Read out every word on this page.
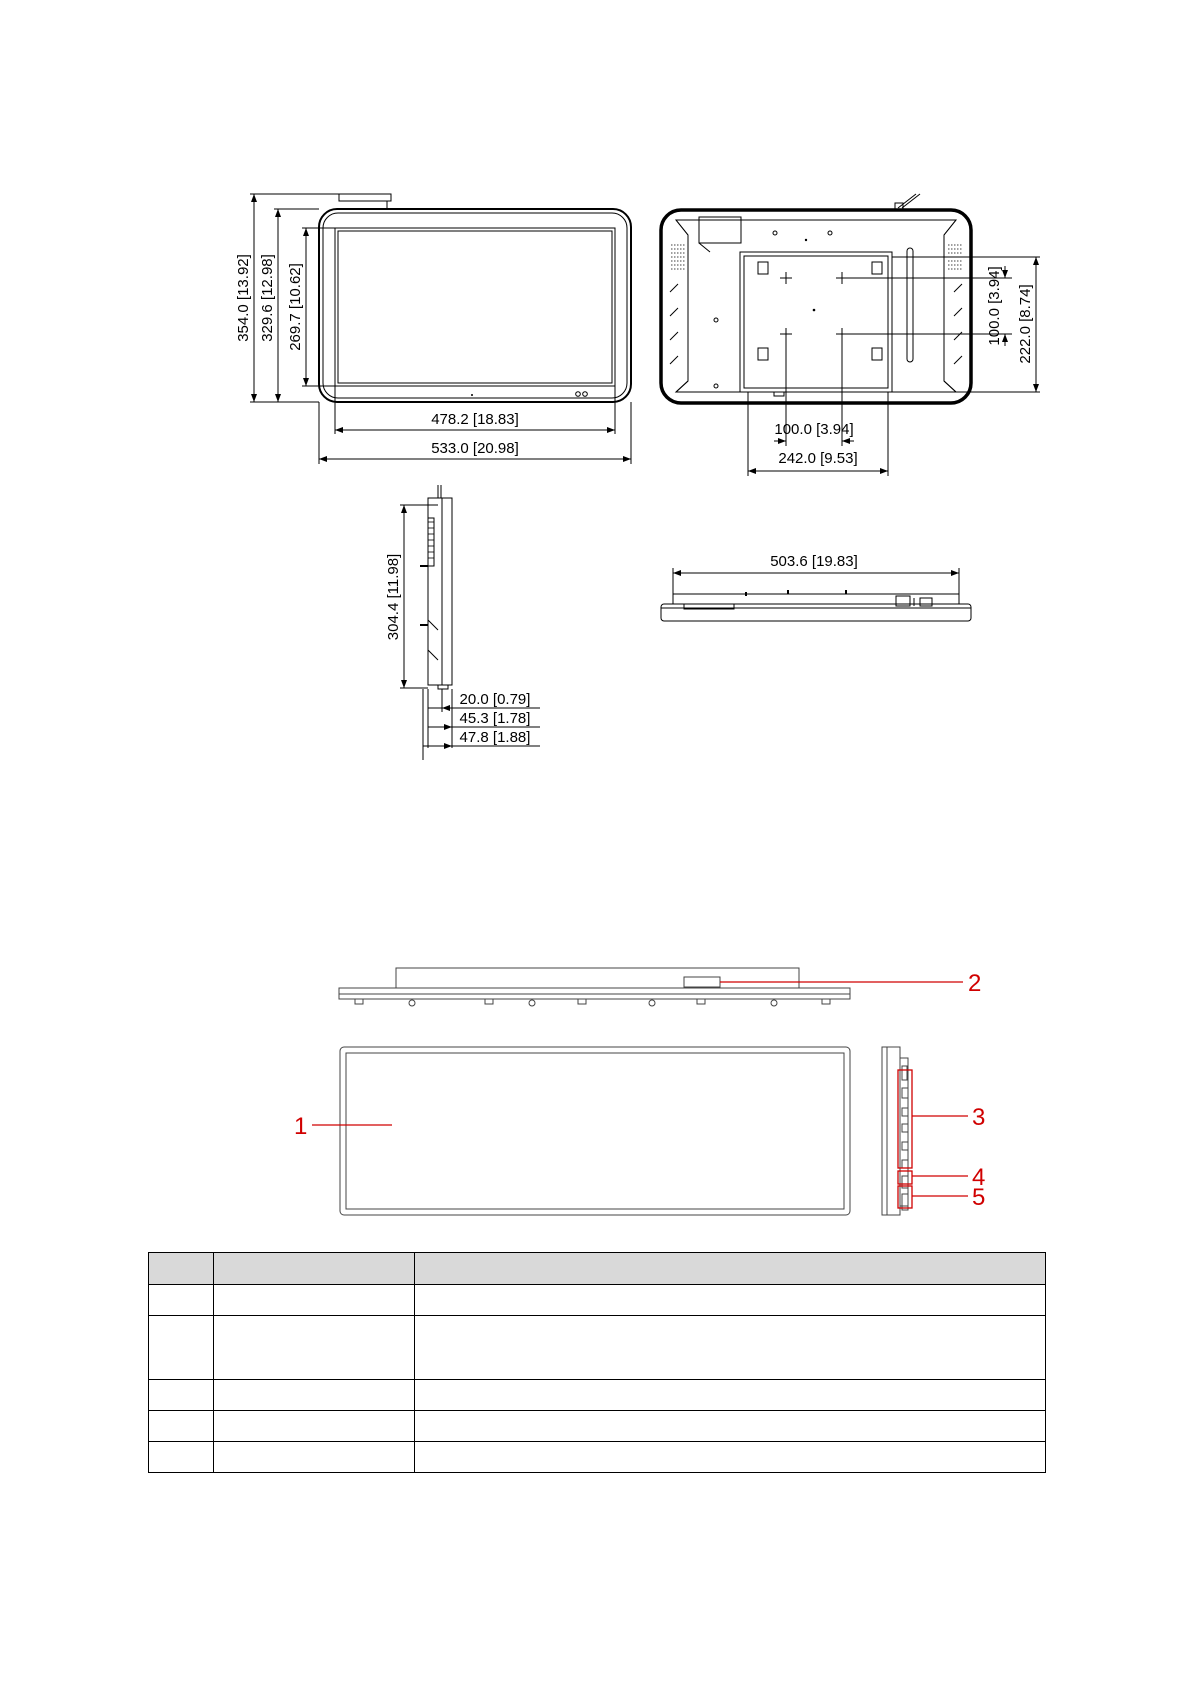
354.0 [13.92] 329.6 [12.98] 269.7 [10.62]
478.2 [18.83]
533.0 [20.98]
100.0 [3.94] 222.0 [8.74]
100.0 [3.94]
242.0 [9.53]
304.4 [11.98]
20.0 [0.79]
45.3 [1.78]
47.8 [1.88]
503.6 [19.83]
2
1	3
4
5
